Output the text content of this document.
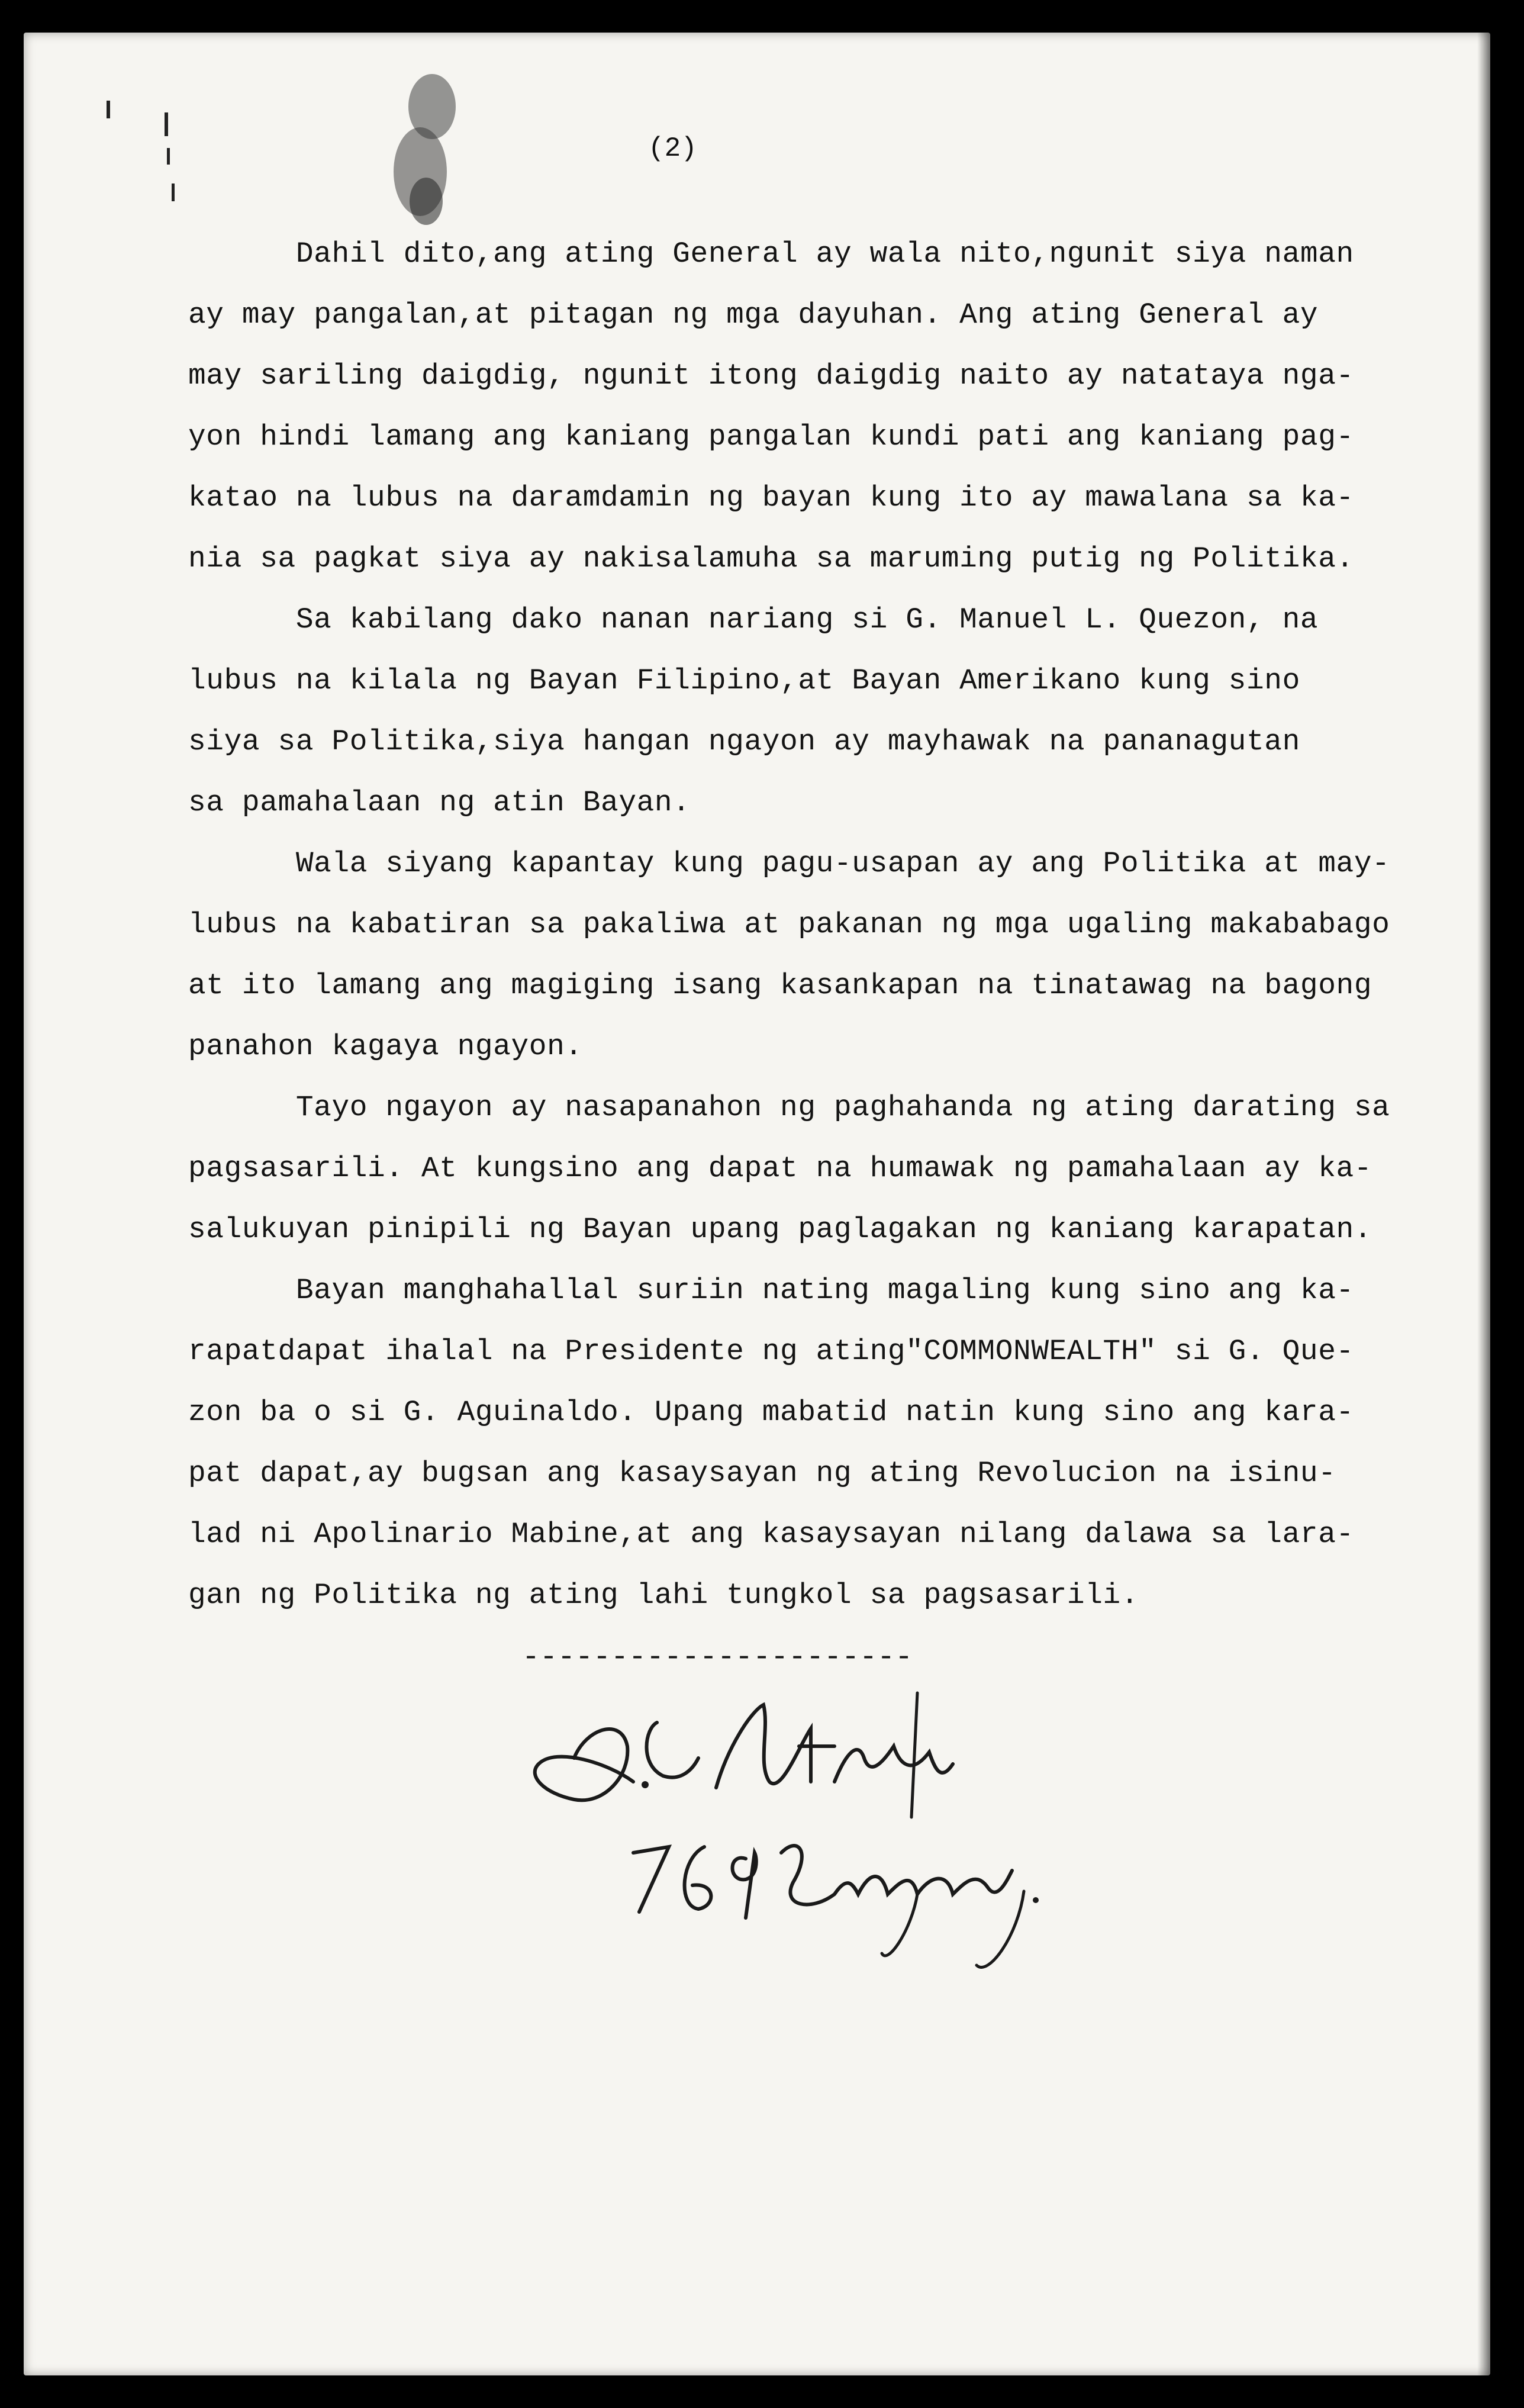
(2)
Dahil dito,ang ating General ay wala nito,ngunit siya naman
ay may pangalan,at pitagan ng mga dayuhan. Ang ating General ay
may sariling daigdig, ngunit itong daigdig naito ay natataya nga-
yon hindi lamang ang kaniang pangalan kundi pati ang kaniang pag-
katao na lubus na daramdamin ng bayan kung ito ay mawalana sa ka-
nia sa pagkat siya ay nakisalamuha sa maruming putig ng Politika.
Sa kabilang dako nanan nariang si G. Manuel L. Quezon, na
lubus na kilala ng Bayan Filipino,at Bayan Amerikano kung sino
siya sa Politika,siya hangan ngayon ay mayhawak na pananagutan
sa pamahalaan ng atin Bayan.
Wala siyang kapantay kung pagu-usapan ay ang Politika at may-
lubus na kabatiran sa pakaliwa at pakanan ng mga ugaling makababago
at ito lamang ang magiging isang kasankapan na tinatawag na bagong
panahon kagaya ngayon.
Tayo ngayon ay nasapanahon ng paghahanda ng ating darating sa
pagsasarili. At kungsino ang dapat na humawak ng pamahalaan ay ka-
salukuyan pinipili ng Bayan upang paglagakan ng kaniang karapatan.
Bayan manghahallal suriin nating magaling kung sino ang ka-
rapatdapat ihalal na Presidente ng ating"COMMONWEALTH" si G. Que-
zon ba o si G. Aguinaldo. Upang mabatid natin kung sino ang kara-
pat dapat,ay bugsan ang kasaysayan ng ating Revolucion na isinu-
lad ni Apolinario Mabine,at ang kasaysayan nilang dalawa sa lara-
gan ng Politika ng ating lahi tungkol sa pagsasarili.
----------------------
